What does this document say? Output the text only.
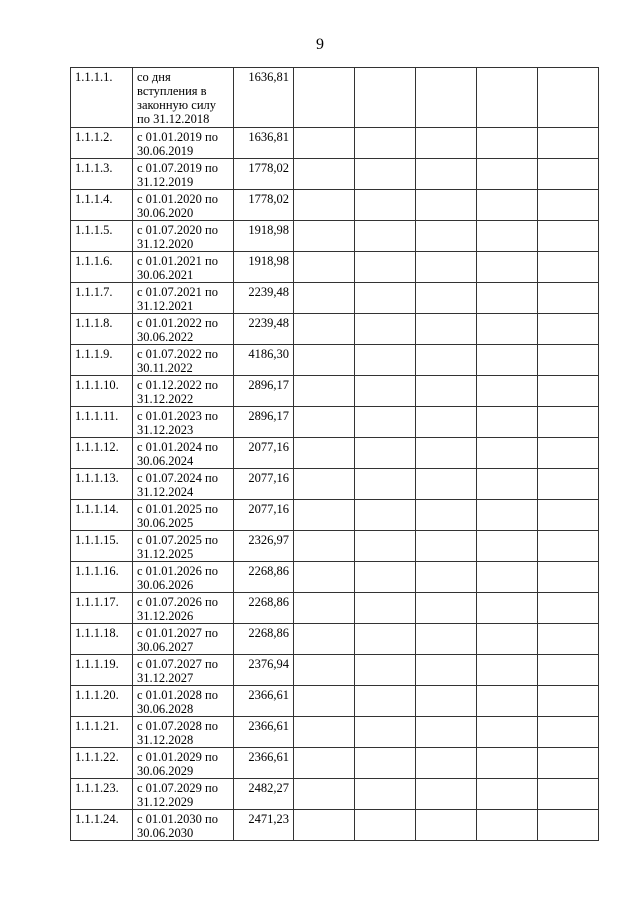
9
1.1.1.1.	со дня вступления в законную силу по 31.12.2018	1636,81					
1.1.1.2.	с 01.01.2019 по 30.06.2019	1636,81					
1.1.1.3.	с 01.07.2019 по 31.12.2019	1778,02					
1.1.1.4.	с 01.01.2020 по 30.06.2020	1778,02					
1.1.1.5.	с 01.07.2020 по 31.12.2020	1918,98					
1.1.1.6.	с 01.01.2021 по 30.06.2021	1918,98					
1.1.1.7.	с 01.07.2021 по 31.12.2021	2239,48					
1.1.1.8.	с 01.01.2022 по 30.06.2022	2239,48					
1.1.1.9.	с 01.07.2022 по 30.11.2022	4186,30					
1.1.1.10.	с 01.12.2022 по 31.12.2022	2896,17					
1.1.1.11.	с 01.01.2023 по 31.12.2023	2896,17					
1.1.1.12.	с 01.01.2024 по 30.06.2024	2077,16					
1.1.1.13.	с 01.07.2024 по 31.12.2024	2077,16					
1.1.1.14.	с 01.01.2025 по 30.06.2025	2077,16					
1.1.1.15.	с 01.07.2025 по 31.12.2025	2326,97					
1.1.1.16.	с 01.01.2026 по 30.06.2026	2268,86					
1.1.1.17.	с 01.07.2026 по 31.12.2026	2268,86					
1.1.1.18.	с 01.01.2027 по 30.06.2027	2268,86					
1.1.1.19.	с 01.07.2027 по 31.12.2027	2376,94					
1.1.1.20.	с 01.01.2028 по 30.06.2028	2366,61					
1.1.1.21.	с 01.07.2028 по 31.12.2028	2366,61					
1.1.1.22.	с 01.01.2029 по 30.06.2029	2366,61					
1.1.1.23.	с 01.07.2029 по 31.12.2029	2482,27					
1.1.1.24.	с 01.01.2030 по 30.06.2030	2471,23					
